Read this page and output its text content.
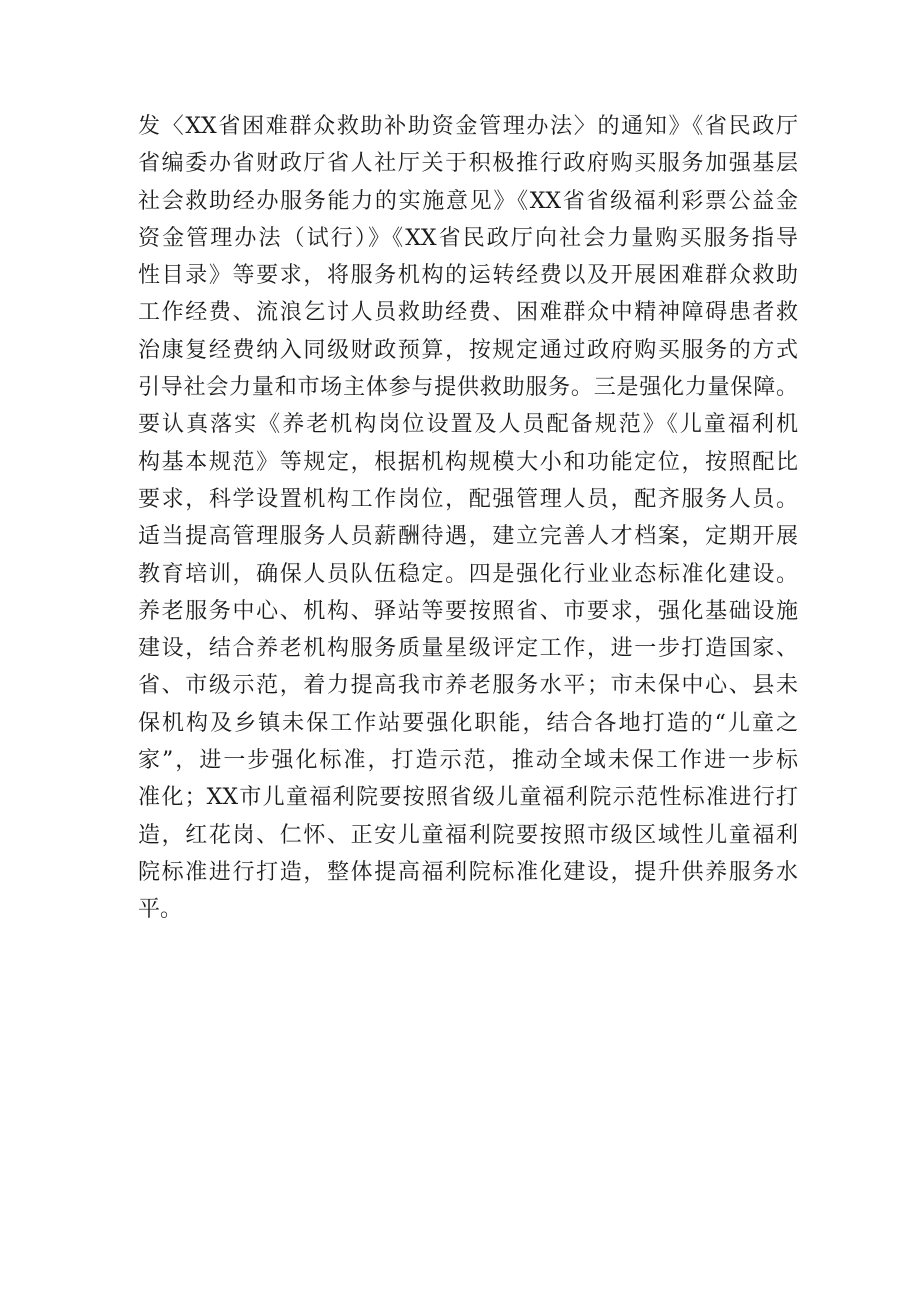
发〈XX省困难群众救助补助资金管理办法〉的通知》《省民政厅
省编委办省财政厅省人社厅关于积极推行政府购买服务加强基层
社会救助经办服务能力的实施意见》《XX省省级福利彩票公益金
资金管理办法（试行）》《XX省民政厅向社会力量购买服务指导
性目录》等要求，将服务机构的运转经费以及开展困难群众救助
工作经费、流浪乞讨人员救助经费、困难群众中精神障碍患者救
治康复经费纳入同级财政预算，按规定通过政府购买服务的方式
引导社会力量和市场主体参与提供救助服务。三是强化力量保障。
要认真落实《养老机构岗位设置及人员配备规范》《儿童福利机
构基本规范》等规定，根据机构规模大小和功能定位，按照配比
要求，科学设置机构工作岗位，配强管理人员，配齐服务人员。
适当提高管理服务人员薪酬待遇，建立完善人才档案，定期开展
教育培训，确保人员队伍稳定。四是强化行业业态标准化建设。
养老服务中心、机构、驿站等要按照省、市要求，强化基础设施
建设，结合养老机构服务质量星级评定工作，进一步打造国家、
省、市级示范，着力提高我市养老服务水平；市未保中心、县未
保机构及乡镇未保工作站要强化职能，结合各地打造的“儿童之
家”，进一步强化标准，打造示范，推动全域未保工作进一步标
准化；XX市儿童福利院要按照省级儿童福利院示范性标准进行打
造，红花岗、仁怀、正安儿童福利院要按照市级区域性儿童福利
院标准进行打造，整体提高福利院标准化建设，提升供养服务水
平。
